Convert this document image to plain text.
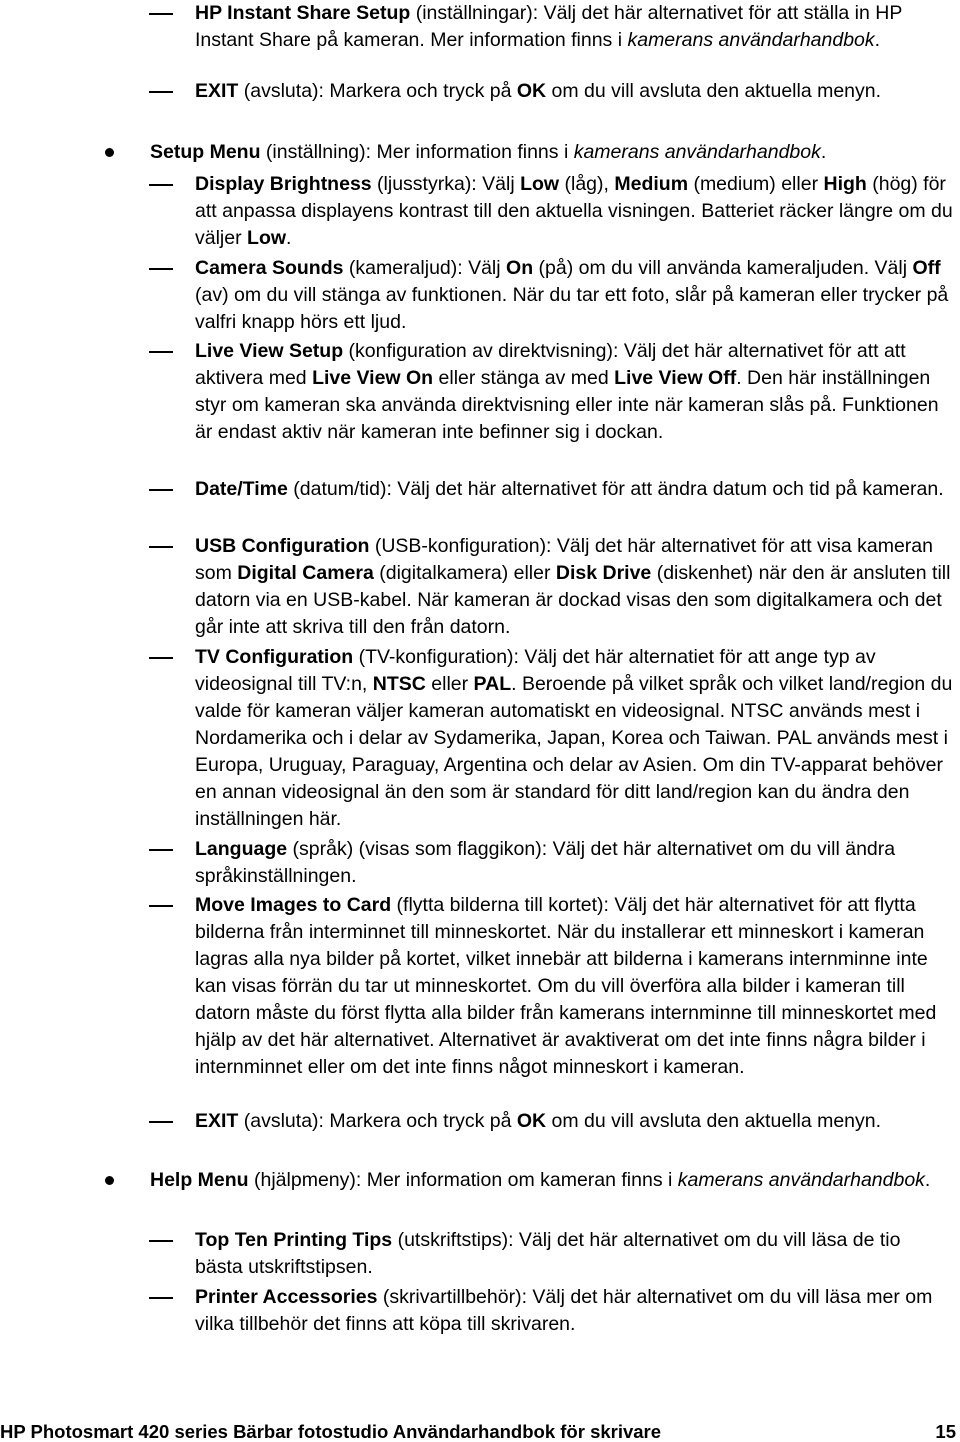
HP Instant Share Setup (inställningar): Välj det här alternativet för att ställa in HP Instant Share på kameran. Mer information finns i kamerans användarhandbok.
EXIT (avsluta): Markera och tryck på OK om du vill avsluta den aktuella menyn.
Setup Menu (inställning): Mer information finns i kamerans användarhandbok.
Display Brightness (ljusstyrka): Välj Low (låg), Medium (medium) eller High (hög) för att anpassa displayens kontrast till den aktuella visningen. Batteriet räcker längre om du väljer Low.
Camera Sounds (kameraljud): Välj On (på) om du vill använda kameraljuden. Välj Off (av) om du vill stänga av funktionen. När du tar ett foto, slår på kameran eller trycker på valfri knapp hörs ett ljud.
Live View Setup (konfiguration av direktvisning): Välj det här alternativet för att att aktivera med Live View On eller stänga av med Live View Off. Den här inställningen styr om kameran ska använda direktvisning eller inte när kameran slås på. Funktionen är endast aktiv när kameran inte befinner sig i dockan.
Date/Time (datum/tid): Välj det här alternativet för att ändra datum och tid på kameran.
USB Configuration (USB-konfiguration): Välj det här alternativet för att visa kameran som Digital Camera (digitalkamera) eller Disk Drive (diskenhet) när den är ansluten till datorn via en USB-kabel. När kameran är dockad visas den som digitalkamera och det går inte att skriva till den från datorn.
TV Configuration (TV-konfiguration): Välj det här alternatiet för att ange typ av videosignal till TV:n, NTSC eller PAL. Beroende på vilket språk och vilket land/region du valde för kameran väljer kameran automatiskt en videosignal. NTSC används mest i Nordamerika och i delar av Sydamerika, Japan, Korea och Taiwan. PAL används mest i Europa, Uruguay, Paraguay, Argentina och delar av Asien. Om din TV-apparat behöver en annan videosignal än den som är standard för ditt land/region kan du ändra den inställningen här.
Language (språk) (visas som flaggikon): Välj det här alternativet om du vill ändra språkinställningen.
Move Images to Card (flytta bilderna till kortet): Välj det här alternativet för att flytta bilderna från interminnet till minneskortet. När du installerar ett minneskort i kameran lagras alla nya bilder på kortet, vilket innebär att bilderna i kamerans internminne inte kan visas förrän du tar ut minneskortet. Om du vill överföra alla bilder i kameran till datorn måste du först flytta alla bilder från kamerans internminne till minneskortet med hjälp av det här alternativet. Alternativet är avaktiverat om det inte finns några bilder i internminnet eller om det inte finns något minneskort i kameran.
EXIT (avsluta): Markera och tryck på OK om du vill avsluta den aktuella menyn.
Help Menu (hjälpmeny): Mer information om kameran finns i kamerans användarhandbok.
Top Ten Printing Tips (utskriftstips): Välj det här alternativet om du vill läsa de tio bästa utskriftstipsen.
Printer Accessories (skrivartillbehör): Välj det här alternativet om du vill läsa mer om vilka tillbehör det finns att köpa till skrivaren.
HP Photosmart 420 series Bärbar fotostudio Användarhandbok för skrivare	15
